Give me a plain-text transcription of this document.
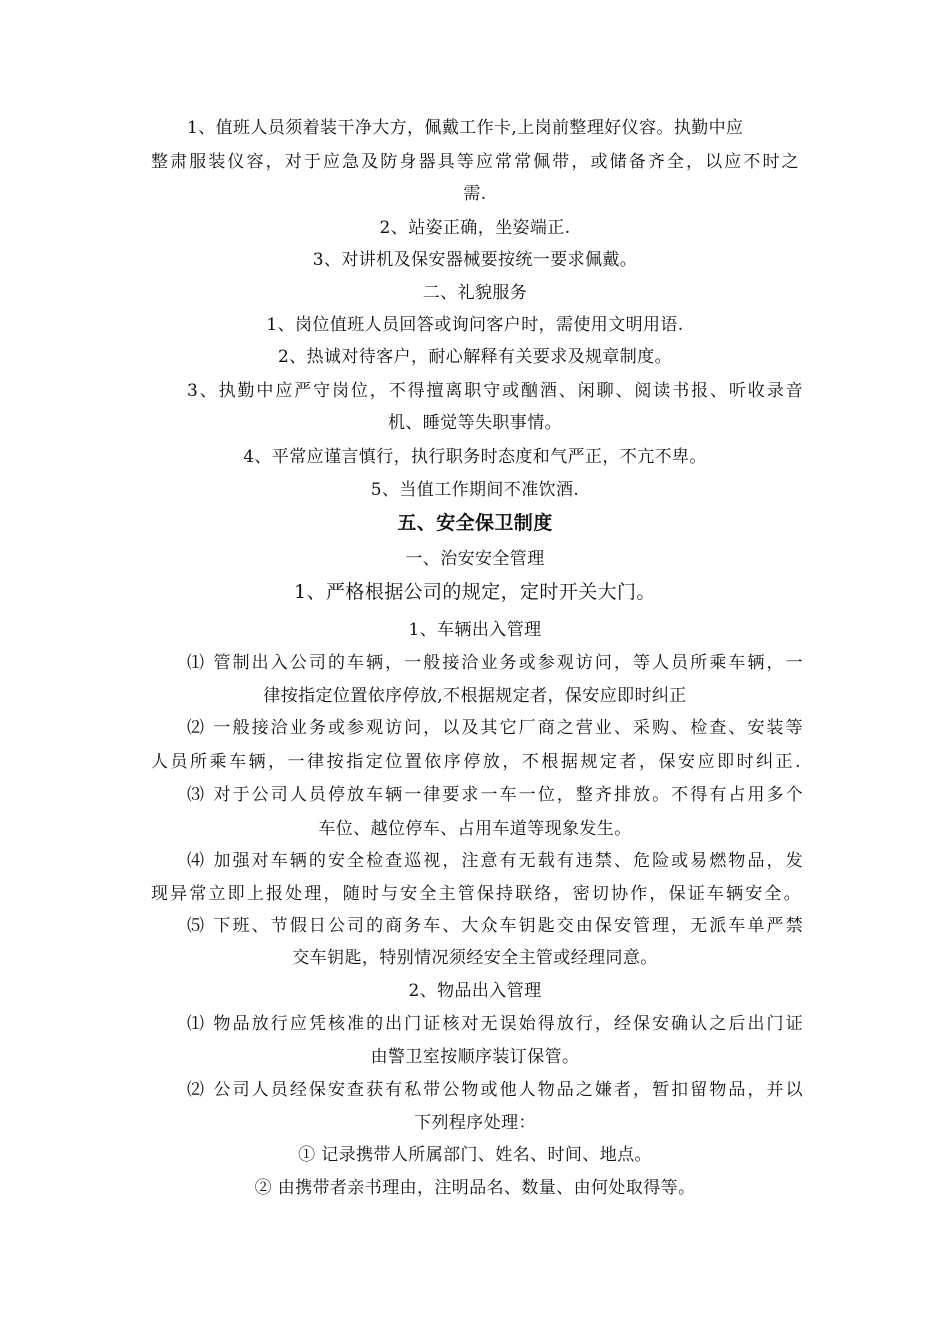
1、值班人员须着装干净大方，佩戴工作卡,上岗前整理好仪容。执勤中应
整肃服装仪容，对于应急及防身器具等应常常佩带，或储备齐全，以应不时之
需.
2、站姿正确，坐姿端正.
3、对讲机及保安器械要按统一要求佩戴。
二、礼貌服务
1、岗位值班人员回答或询问客户时，需使用文明用语.
2、热诚对待客户，耐心解释有关要求及规章制度。
3、执勤中应严守岗位，不得擅离职守或酗酒、闲聊、阅读书报、听收录音
机、睡觉等失职事情。
4、平常应谨言慎行，执行职务时态度和气严正，不亢不卑。
5、当值工作期间不准饮酒.
五、安全保卫制度
一、治安安全管理
1、严格根据公司的规定，定时开关大门。
1、车辆出入管理
⑴ 管制出入公司的车辆，一般接洽业务或参观访问，等人员所乘车辆，一
律按指定位置依序停放,不根据规定者，保安应即时纠正
⑵ 一般接洽业务或参观访问，以及其它厂商之营业、采购、检查、安装等
人员所乘车辆，一律按指定位置依序停放，不根据规定者，保安应即时纠正.
⑶ 对于公司人员停放车辆一律要求一车一位，整齐排放。不得有占用多个
车位、越位停车、占用车道等现象发生。
⑷ 加强对车辆的安全检查巡视，注意有无载有违禁、危险或易燃物品，发
现异常立即上报处理，随时与安全主管保持联络，密切协作，保证车辆安全。
⑸ 下班、节假日公司的商务车、大众车钥匙交由保安管理，无派车单严禁
交车钥匙，特别情况须经安全主管或经理同意。
2、物品出入管理
⑴ 物品放行应凭核准的出门证核对无误始得放行，经保安确认之后出门证
由警卫室按顺序装订保管。
⑵ 公司人员经保安查获有私带公物或他人物品之嫌者，暂扣留物品，并以
下列程序处理：
① 记录携带人所属部门、姓名、时间、地点。
② 由携带者亲书理由，注明品名、数量、由何处取得等。
